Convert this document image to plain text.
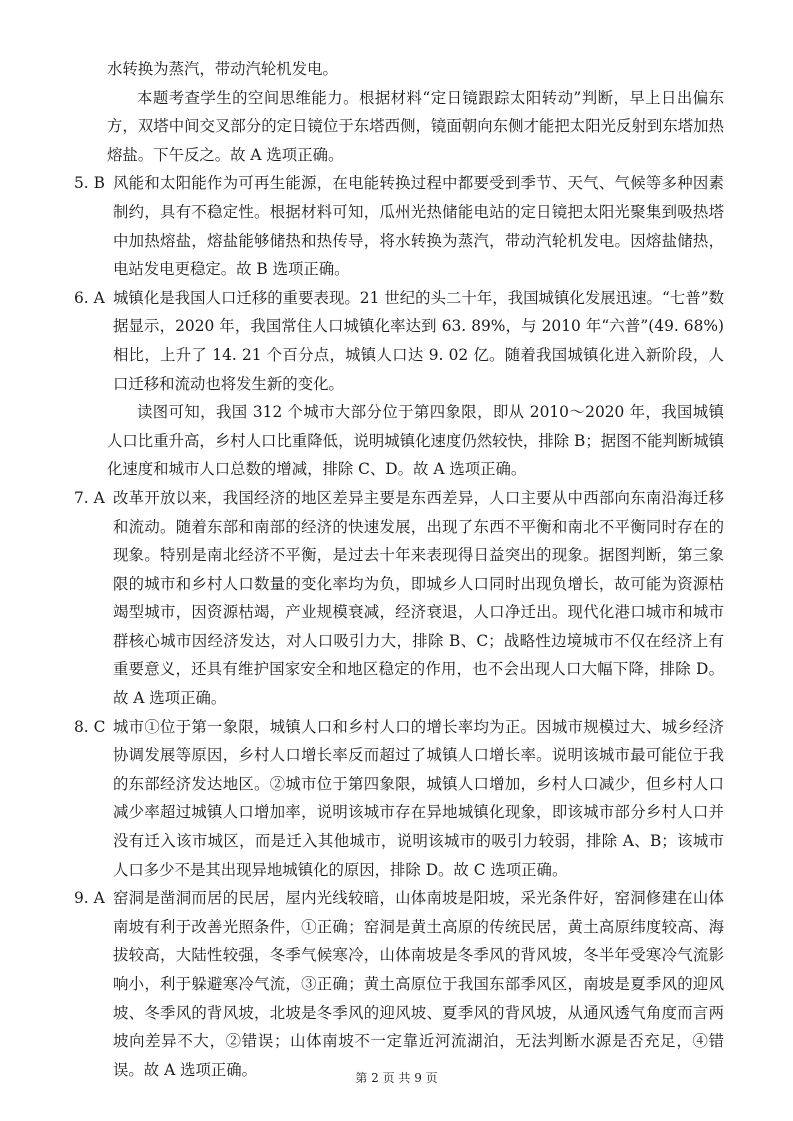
水转换为蒸汽，带动汽轮机发电。

本题考查学生的空间思维能力。根据材料“定日镜跟踪太阳转动”判断，早上日出偏东方，双塔中间交叉部分的定日镜位于东塔西侧，镜面朝向东侧才能把太阳光反射到东塔加热熔盐。下午反之。故 A 选项正确。

5. B 风能和太阳能作为可再生能源，在电能转换过程中都要受到季节、天气、气候等多种因素制约，具有不稳定性。根据材料可知，瓜州光热储能电站的定日镜把太阳光聚集到吸热塔中加热熔盐，熔盐能够储热和热传导，将水转换为蒸汽，带动汽轮机发电。因熔盐储热，电站发电更稳定。故 B 选项正确。
6. A 城镇化是我国人口迁移的重要表现。21 世纪的头二十年，我国城镇化发展迅速。“七普”数据显示，2020 年，我国常住人口城镇化率达到 63. 89%，与 2010 年“六普”(49. 68%)相比，上升了 14. 21 个百分点，城镇人口达 9. 02 亿。随着我国城镇化进入新阶段，人口迁移和流动也将发生新的变化。

读图可知，我国 312 个城市大部分位于第四象限，即从 2010～2020 年，我国城镇人口比重升高，乡村人口比重降低，说明城镇化速度仍然较快，排除 B；据图不能判断城镇化速度和城市人口总数的增减，排除 C、D。故 A 选项正确。

7. A 改革开放以来，我国经济的地区差异主要是东西差异，人口主要从中西部向东南沿海迁移和流动。随着东部和南部的经济的快速发展，出现了东西不平衡和南北不平衡同时存在的现象。特别是南北经济不平衡，是过去十年来表现得日益突出的现象。据图判断，第三象限的城市和乡村人口数量的变化率均为负，即城乡人口同时出现负增长，故可能为资源枯竭型城市，因资源枯竭，产业规模衰减，经济衰退，人口净迁出。现代化港口城市和城市群核心城市因经济发达，对人口吸引力大，排除 B、C；战略性边境城市不仅在经济上有重要意义，还具有维护国家安全和地区稳定的作用，也不会出现人口大幅下降，排除 D。故 A 选项正确。
8. C 城市①位于第一象限，城镇人口和乡村人口的增长率均为正。因城市规模过大、城乡经济协调发展等原因，乡村人口增长率反而超过了城镇人口增长率。说明该城市最可能位于我的东部经济发达地区。②城市位于第四象限，城镇人口增加，乡村人口减少，但乡村人口减少率超过城镇人口增加率，说明该城市存在异地城镇化现象，即该城市部分乡村人口并没有迁入该市城区，而是迁入其他城市，说明该城市的吸引力较弱，排除 A、B；该城市人口多少不是其出现异地城镇化的原因，排除 D。故 C 选项正确。
9. A 窑洞是凿洞而居的民居，屋内光线较暗，山体南坡是阳坡，采光条件好，窑洞修建在山体南坡有利于改善光照条件，①正确；窑洞是黄土高原的传统民居，黄土高原纬度较高、海拔较高，大陆性较强，冬季气候寒冷，山体南坡是冬季风的背风坡，冬半年受寒冷气流影响小，利于躲避寒冷气流，③正确；黄土高原位于我国东部季风区，南坡是夏季风的迎风坡、冬季风的背风坡，北坡是冬季风的迎风坡、夏季风的背风坡，从通风透气角度而言两坡向差异不大，②错误；山体南坡不一定靠近河流湖泊，无法判断水源是否充足，④错误。故 A 选项正确。	第 2 页 共 9 页
